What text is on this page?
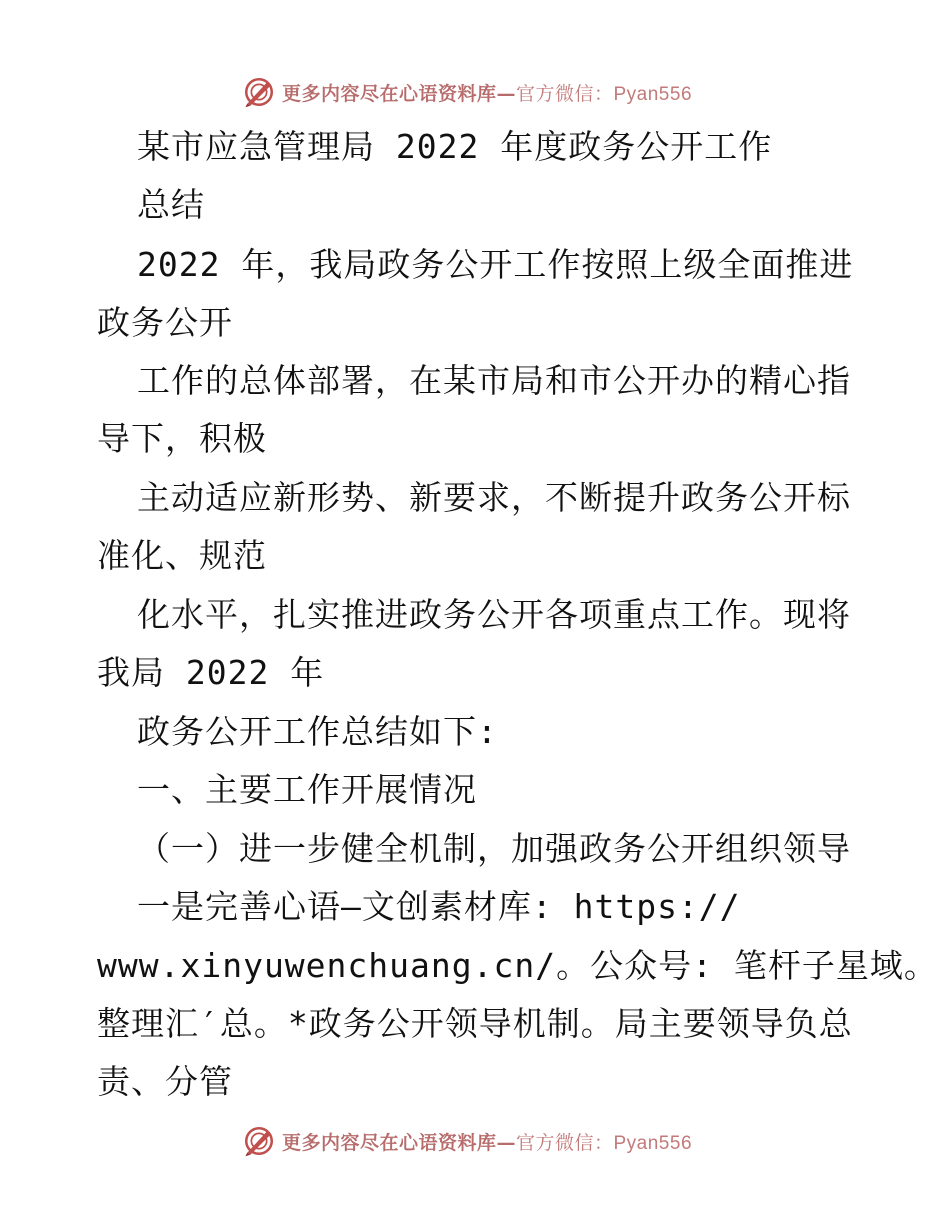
更多内容尽在心语资料库—官方微信：Pyan556
某市应急管理局 2022 年度政务公开工作
总结
2022 年，我局政务公开工作按照上级全面推进
政务公开
工作的总体部署，在某市局和市公开办的精心指
导下，积极
主动适应新形势、新要求，不断提升政务公开标
准化、规范
化水平，扎实推进政务公开各项重点工作。现将
我局 2022 年
政务公开工作总结如下:
一、主要工作开展情况
（一）进一步健全机制，加强政务公开组织领导
一是完善心语—文创素材库: https://
www.xinyuwenchuang.cn/。公众号: 笔杆子星域。
整理汇′总。*政务公开领导机制。局主要领导负总
责、分管
更多内容尽在心语资料库—官方微信：Pyan556
